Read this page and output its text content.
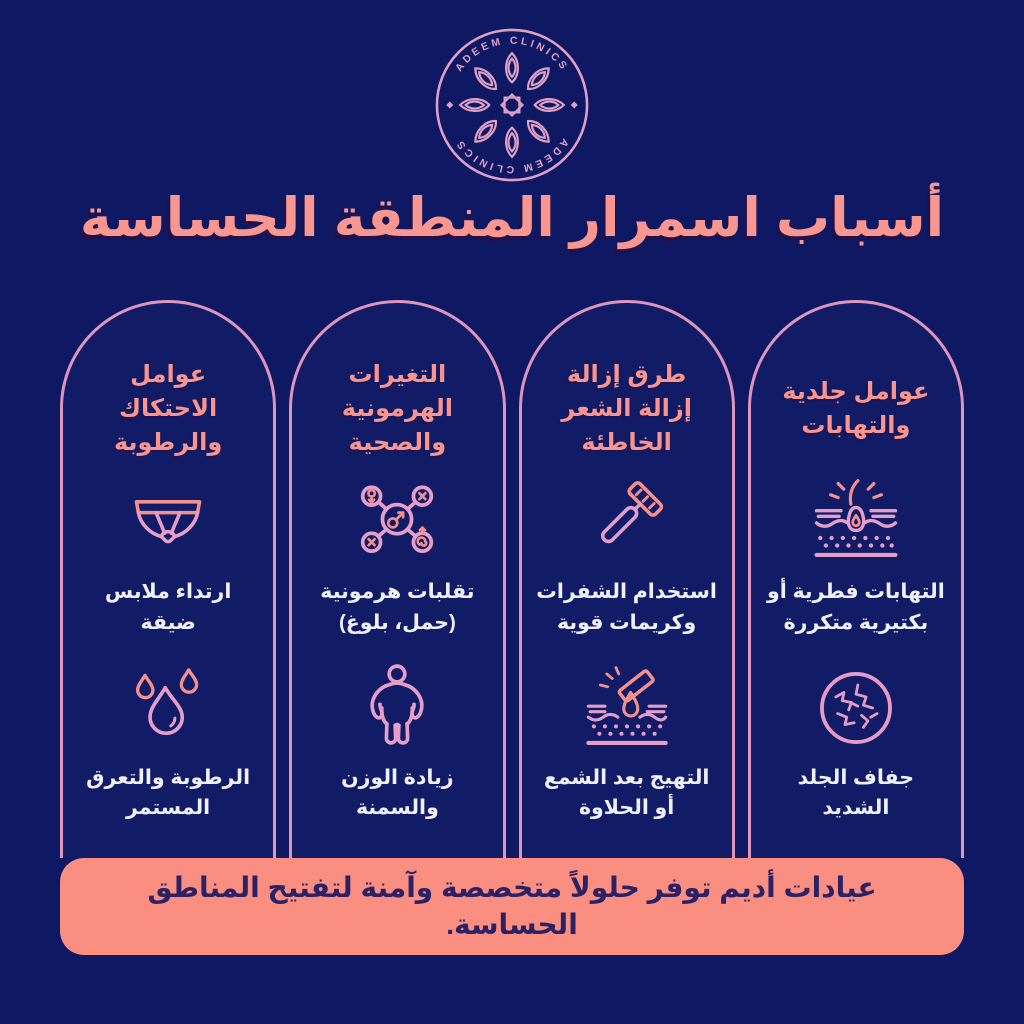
ADEEM CLINICS
ADEEM CLINICS
أسباب اسمرار المنطقة الحساسة
عوامل جلدية
والتهابات

التهابات فطرية أو بكتيرية متكررة

جفاف الجلد الشديد

طرق إزالة
إزالة الشعر
الخاطئة

استخدام الشفرات وكريمات قوية

التهيج بعد الشمع أو الحلاوة

التغيرات
الهرمونية
والصحية

تقلبات هرمونية (حمل، بلوغ)

زيادة الوزن والسمنة

عوامل
الاحتكاك
والرطوبة

ارتداء ملابس ضيقة

الرطوبة والتعرق المستمر

عيادات أديم توفر حلولاً متخصصة وآمنة لتفتيح المناطق الحساسة.
